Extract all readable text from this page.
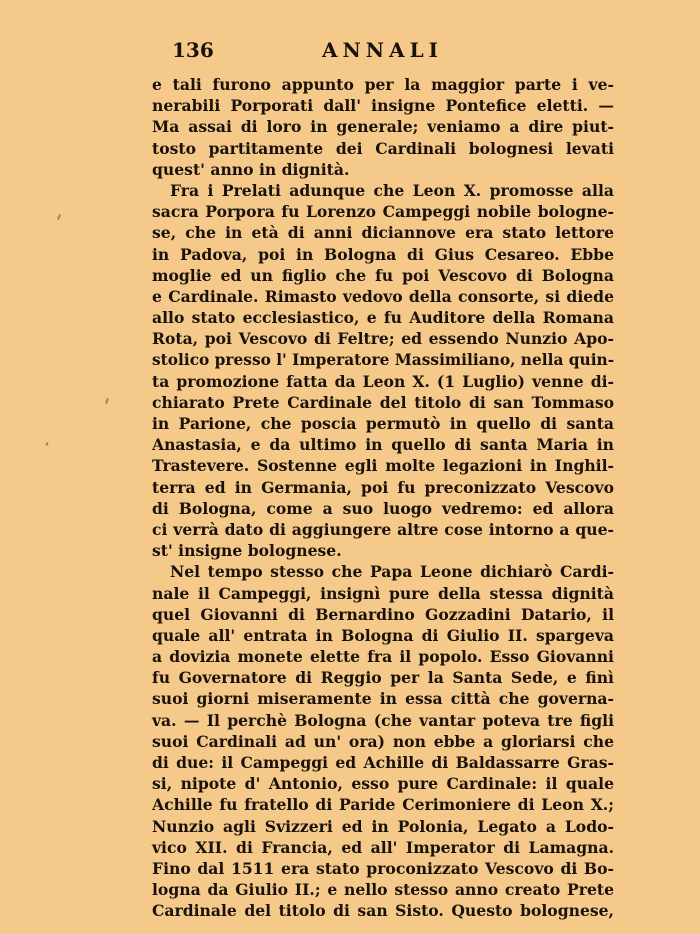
136	ANNALI
e tali furono appunto per la maggior parte i ve-
nerabili Porporati dall' insigne Pontefice eletti. —
Ma assai di loro in generale; veniamo a dire piut-
tosto partitamente dei Cardinali bolognesi levati
quest' anno in dignità.
Fra i Prelati adunque che Leon X. promosse alla
sacra Porpora fu Lorenzo Campeggi nobile bologne-
se, che in età di anni diciannove era stato lettore
in Padova, poi in Bologna di Gius Cesareo. Ebbe
moglie ed un figlio che fu poi Vescovo di Bologna
e Cardinale. Rimasto vedovo della consorte, si diede
allo stato ecclesiastico, e fu Auditore della Romana
Rota, poi Vescovo di Feltre; ed essendo Nunzio Apo-
stolico presso l' Imperatore Massimiliano, nella quin-
ta promozione fatta da Leon X. (1 Luglio) venne di-
chiarato Prete Cardinale del titolo di san Tommaso
in Parione, che poscia permutò in quello di santa
Anastasia, e da ultimo in quello di santa Maria in
Trastevere. Sostenne egli molte legazioni in Inghil-
terra ed in Germania, poi fu preconizzato Vescovo
di Bologna, come a suo luogo vedremo: ed allora
ci verrà dato di aggiungere altre cose intorno a que-
st' insigne bolognese.
Nel tempo stesso che Papa Leone dichiarò Cardi-
nale il Campeggi, insignì pure della stessa dignità
quel Giovanni di Bernardino Gozzadini Datario, il
quale all' entrata in Bologna di Giulio II. spargeva
a dovizia monete elette fra il popolo. Esso Giovanni
fu Governatore di Reggio per la Santa Sede, e finì
suoi giorni miseramente in essa città che governa-
va. — Il perchè Bologna (che vantar poteva tre figli
suoi Cardinali ad un' ora) non ebbe a gloriarsi che
di due: il Campeggi ed Achille di Baldassarre Gras-
si, nipote d' Antonio, esso pure Cardinale: il quale
Achille fu fratello di Paride Cerimoniere di Leon X.;
Nunzio agli Svizzeri ed in Polonia, Legato a Lodo-
vico XII. di Francia, ed all' Imperator di Lamagna.
Fino dal 1511 era stato proconizzato Vescovo di Bo-
logna da Giulio II.; e nello stesso anno creato Prete
Cardinale del titolo di san Sisto. Questo bolognese,
